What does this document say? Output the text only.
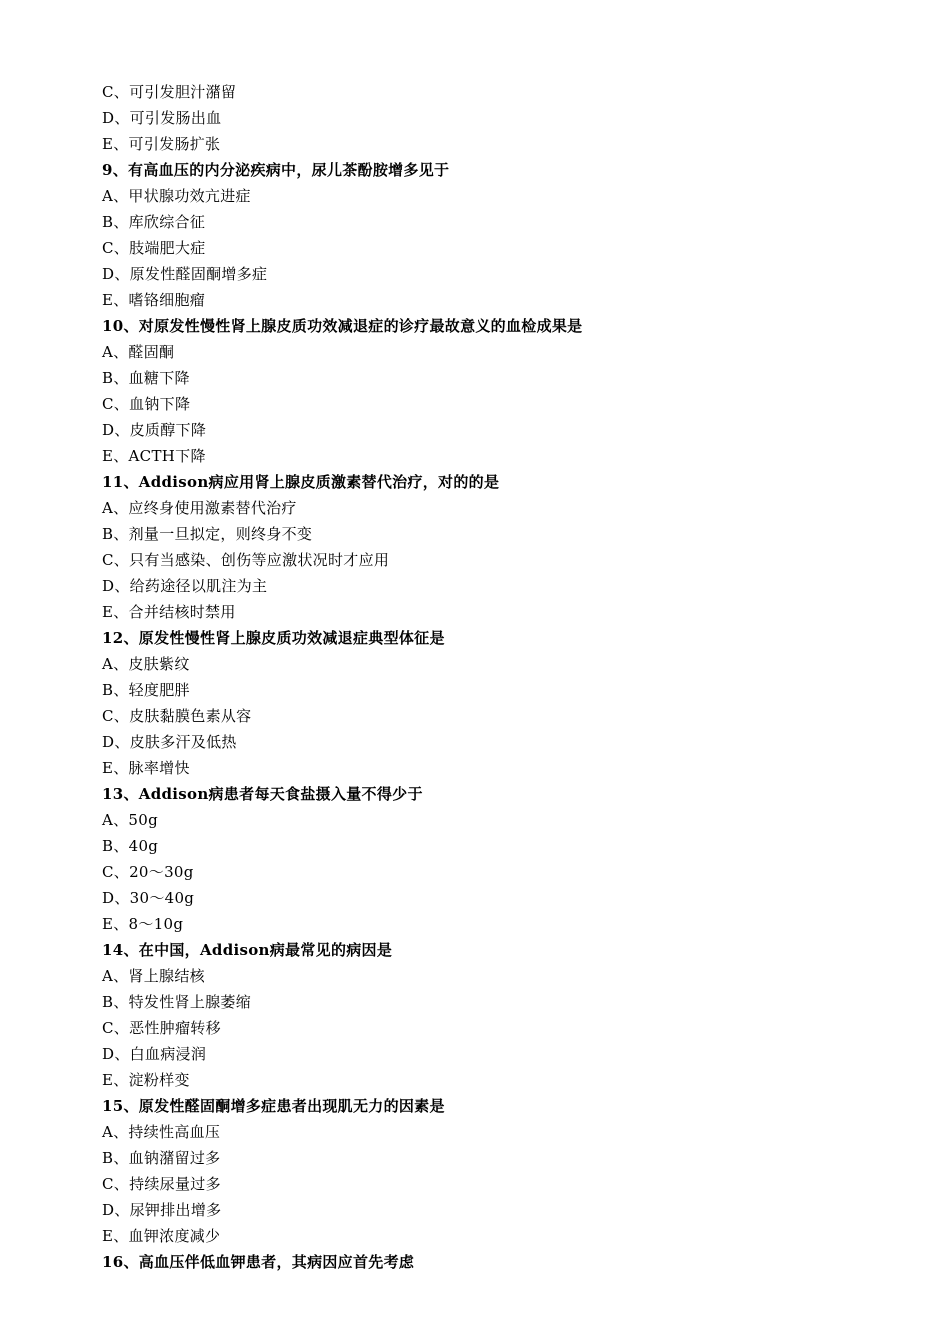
C、可引发胆汁潴留
D、可引发肠出血
E、可引发肠扩张
9、有高血压的内分泌疾病中，尿儿茶酚胺增多见于
A、甲状腺功效亢进症
B、库欣综合征
C、肢端肥大症
D、原发性醛固酮增多症
E、嗜铬细胞瘤
10、对原发性慢性肾上腺皮质功效减退症的诊疗最故意义的血检成果是
A、醛固酮
B、血糖下降
C、血钠下降
D、皮质醇下降
E、ACTH下降
11、Addison病应用肾上腺皮质激素替代治疗，对的的是
A、应终身使用激素替代治疗
B、剂量一旦拟定，则终身不变
C、只有当感染、创伤等应激状况时才应用
D、给药途径以肌注为主
E、合并结核时禁用
12、原发性慢性肾上腺皮质功效减退症典型体征是
A、皮肤紫纹
B、轻度肥胖
C、皮肤黏膜色素从容
D、皮肤多汗及低热
E、脉率增快
13、Addison病患者每天食盐摄入量不得少于
A、50g
B、40g
C、20～30g
D、30～40g
E、8～10g
14、在中国，Addison病最常见的病因是
A、肾上腺结核
B、特发性肾上腺萎缩
C、恶性肿瘤转移
D、白血病浸润
E、淀粉样变
15、原发性醛固酮增多症患者出现肌无力的因素是
A、持续性高血压
B、血钠潴留过多
C、持续尿量过多
D、尿钾排出增多
E、血钾浓度减少
16、高血压伴低血钾患者，其病因应首先考虑
